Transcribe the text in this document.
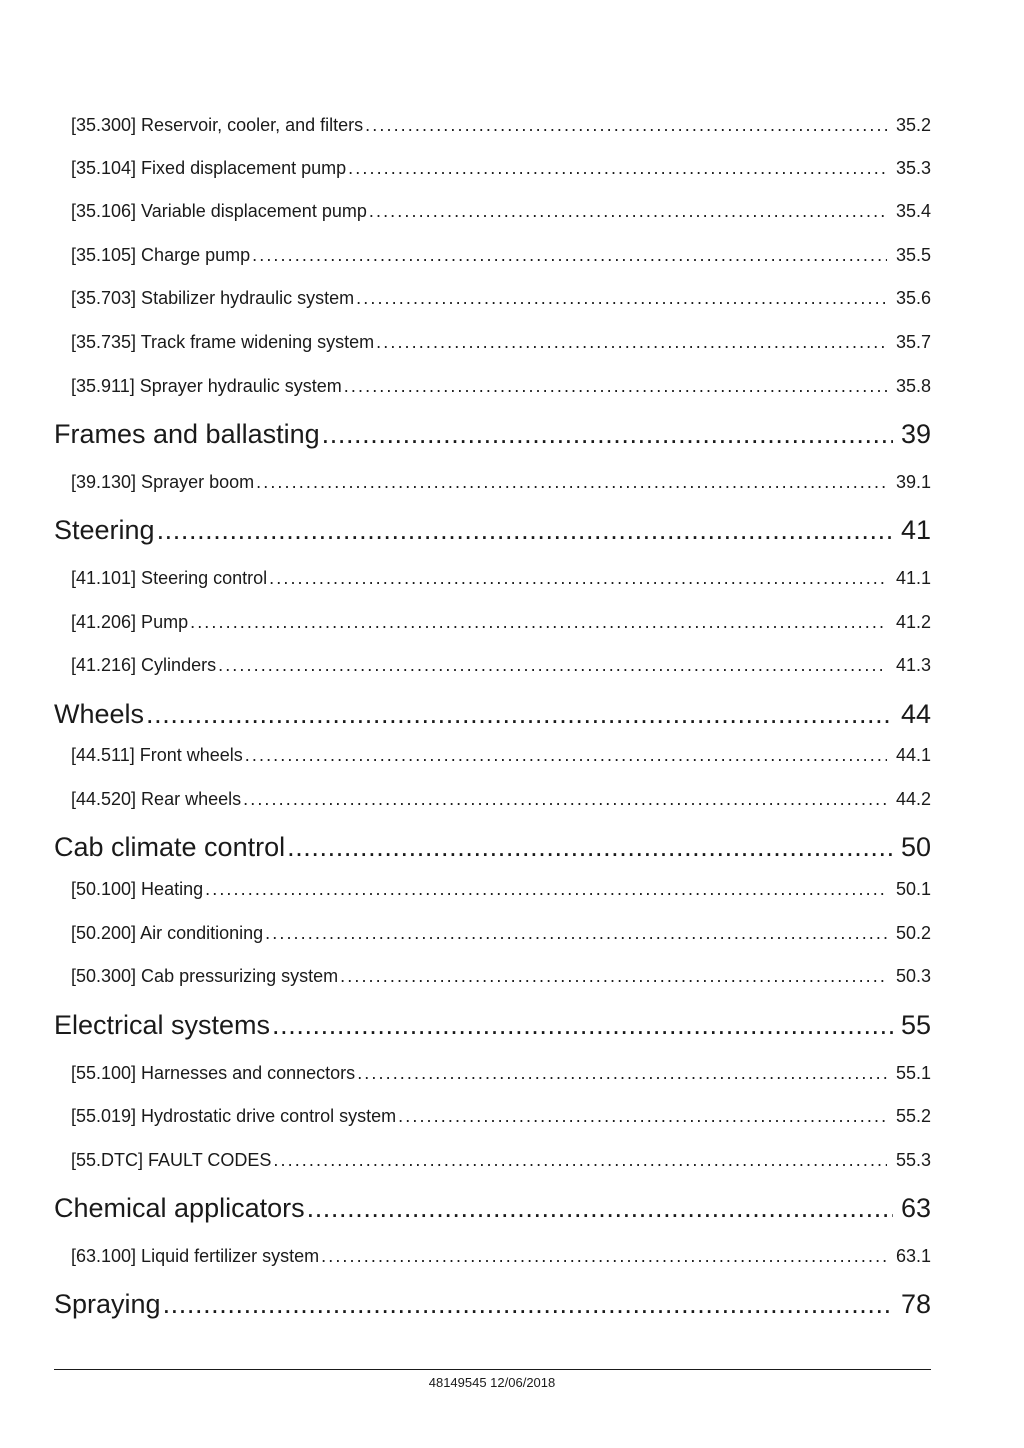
[35.300] Reservoir, cooler, and filters . . .	35.2
[35.104] Fixed displacement pump . . .	35.3
[35.106] Variable displacement pump . . .	35.4
[35.105] Charge pump . . .	35.5
[35.703] Stabilizer hydraulic system . . .	35.6
[35.735] Track frame widening system . . .	35.7
[35.911] Sprayer hydraulic system . . .	35.8
Frames and ballasting .....	39
[39.130] Sprayer boom . . .	39.1
Steering .....	41
[41.101] Steering control . . .	41.1
[41.206] Pump . . .	41.2
[41.216] Cylinders . . .	41.3
Wheels .....	44
[44.511] Front wheels . . .	44.1
[44.520] Rear wheels . . .	44.2
Cab climate control .....	50
[50.100] Heating . . .	50.1
[50.200] Air conditioning . . .	50.2
[50.300] Cab pressurizing system . . .	50.3
Electrical systems .....	55
[55.100] Harnesses and connectors . . .	55.1
[55.019] Hydrostatic drive control system . . .	55.2
[55.DTC] FAULT CODES . . .	55.3
Chemical applicators .....	63
[63.100] Liquid fertilizer system . . .	63.1
Spraying .....	78
48149545 12/06/2018
